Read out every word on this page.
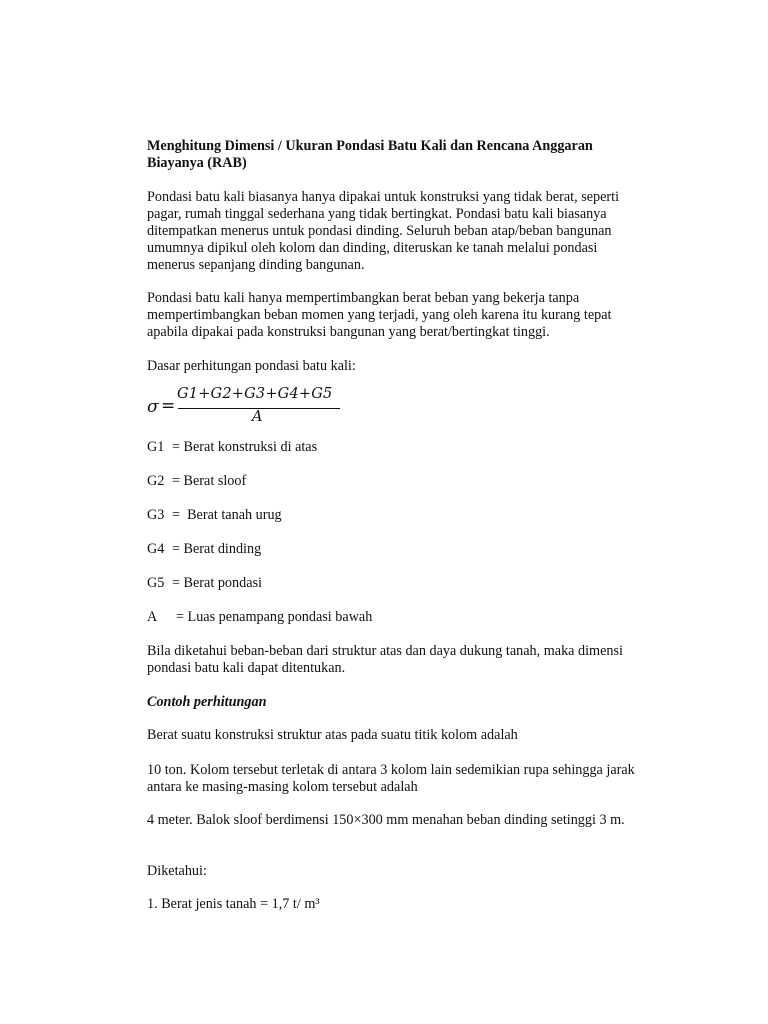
Menghitung Dimensi / Ukuran Pondasi Batu Kali dan Rencana Anggaran Biayanya (RAB)

Pondasi batu kali biasanya hanya dipakai untuk konstruksi yang tidak berat, seperti pagar, rumah tinggal sederhana yang tidak bertingkat. Pondasi batu kali biasanya ditempatkan menerus untuk pondasi dinding. Seluruh beban atap/beban bangunan umumnya dipikul oleh kolom dan dinding, diteruskan ke tanah melalui pondasi menerus sepanjang dinding bangunan.

Pondasi batu kali hanya mempertimbangkan berat beban yang bekerja tanpa mempertimbangkan beban momen yang terjadi, yang oleh karena itu kurang tepat apabila dipakai pada konstruksi bangunan yang berat/bertingkat tinggi.

Dasar perhitungan pondasi batu kali:

σ =
G1+G2+G3+G4+G5
A
G1 = Berat konstruksi di atas
G2 = Berat sloof
G3 =  Berat tanah urug
G4 = Berat dinding
G5 = Berat pondasi
A = Luas penampang pondasi bawah

Bila diketahui beban-beban dari struktur atas dan daya dukung tanah, maka dimensi pondasi batu kali dapat ditentukan.

Contoh perhitungan

Berat suatu konstruksi struktur atas pada suatu titik kolom adalah

10 ton. Kolom tersebut terletak di antara 3 kolom lain sedemikian rupa sehingga jarak antara ke masing-masing kolom tersebut adalah

4 meter. Balok sloof berdimensi 150×300 mm menahan beban dinding setinggi 3 m.

Diketahui:

1. Berat jenis tanah = 1,7 t/ m³
